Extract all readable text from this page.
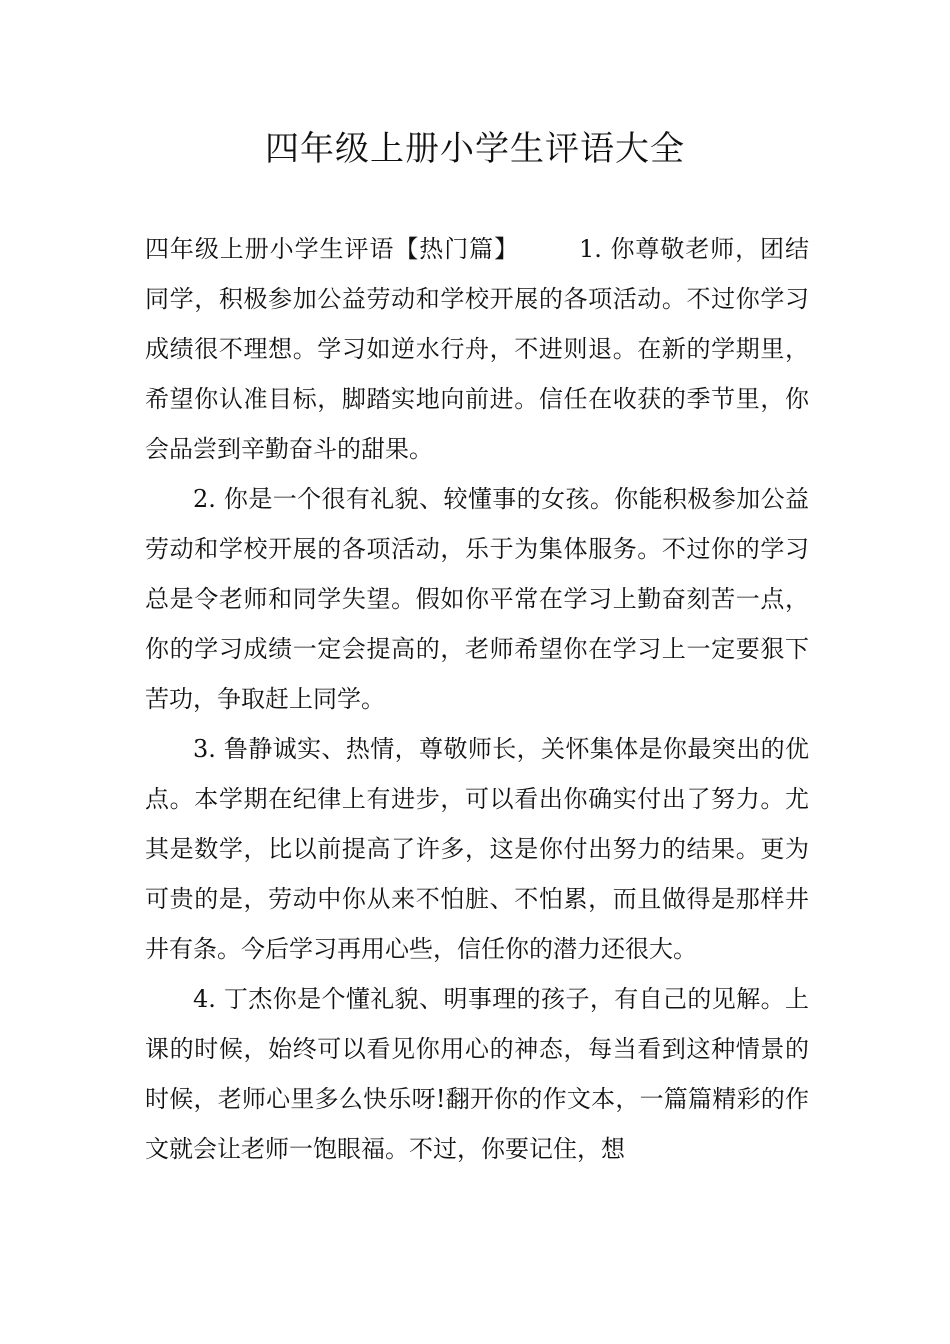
四年级上册小学生评语大全

四年级上册小学生评语【热门篇】	1. 你尊敬老师，团结同学，积极参加公益劳动和学校开展的各项活动。不过你学习成绩很不理想。学习如逆水行舟，不进则退。在新的学期里，希望你认准目标，脚踏实地向前进。信任在收获的季节里，你会品尝到辛勤奋斗的甜果。

2. 你是一个很有礼貌、较懂事的女孩。你能积极参加公益劳动和学校开展的各项活动，乐于为集体服务。不过你的学习总是令老师和同学失望。假如你平常在学习上勤奋刻苦一点，你的学习成绩一定会提高的，老师希望你在学习上一定要狠下苦功，争取赶上同学。

3. 鲁静诚实、热情，尊敬师长，关怀集体是你最突出的优点。本学期在纪律上有进步，可以看出你确实付出了努力。尤其是数学，比以前提高了许多，这是你付出努力的结果。更为可贵的是，劳动中你从来不怕脏、不怕累，而且做得是那样井井有条。今后学习再用心些，信任你的潜力还很大。

4. 丁杰你是个懂礼貌、明事理的孩子，有自己的见解。上课的时候，始终可以看见你用心的神态，每当看到这种情景的时候，老师心里多么快乐呀!翻开你的作文本，一篇篇精彩的作文就会让老师一饱眼福。不过，你要记住，想
